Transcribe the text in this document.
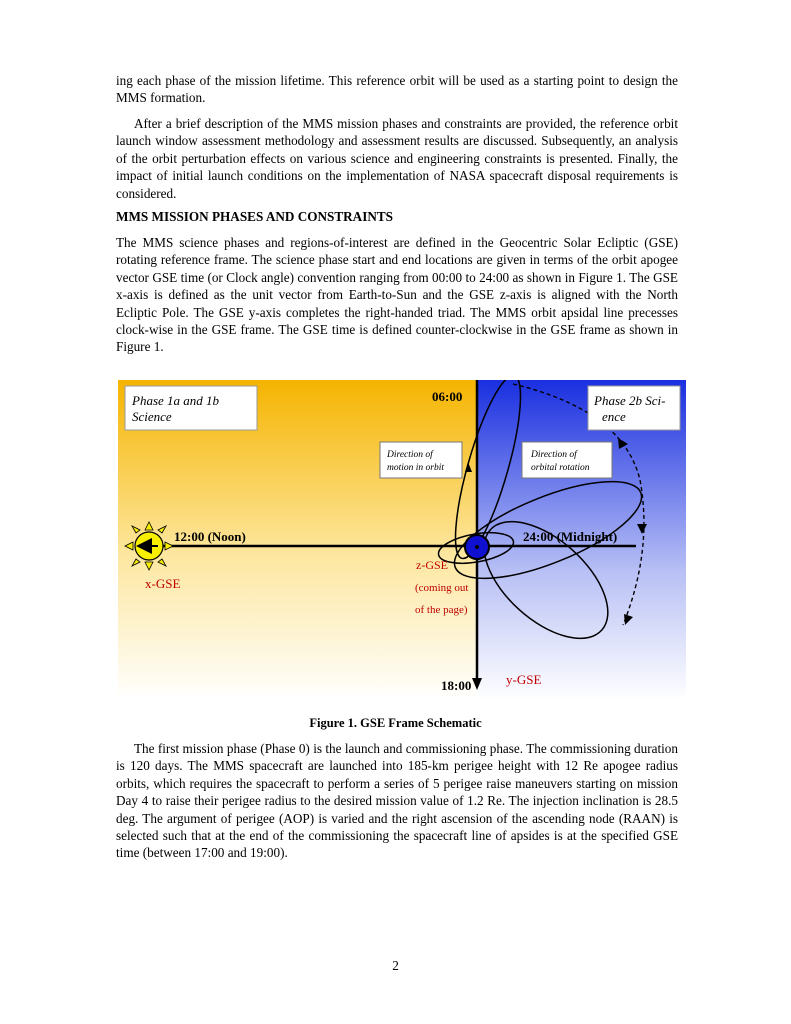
ing each phase of the mission lifetime. This reference orbit will be used as a starting point to design the MMS formation.

After a brief description of the MMS mission phases and constraints are provided, the reference orbit launch window assessment methodology and assessment results are discussed. Subsequently, an analysis of the orbit perturbation effects on various science and engineering constraints is presented. Finally, the impact of initial launch conditions on the implementation of NASA spacecraft disposal requirements is considered.

MMS MISSION PHASES AND CONSTRAINTS

The MMS science phases and regions-of-interest are defined in the Geocentric Solar Ecliptic (GSE) rotating reference frame. The science phase start and end locations are given in terms of the orbit apogee vector GSE time (or Clock angle) convention ranging from 00:00 to 24:00 as shown in Figure 1. The GSE x-axis is defined as the unit vector from Earth-to-Sun and the GSE z-axis is aligned with the North Ecliptic Pole. The GSE y-axis completes the right-handed triad. The MMS orbit apsidal line precesses clock-wise in the GSE frame. The GSE time is defined counter-clockwise in the GSE frame as shown in Figure 1.

Phase 1a and 1b
Science
Phase 2b Sci-
ence
Direction of
motion in orbit
Direction of
orbital rotation
06:00
12:00 (Noon)	24:00 (Midnight)
18:00
x-GSE
y-GSE
z-GSE
(coming out
of the page)

Figure 1. GSE Frame Schematic

The first mission phase (Phase 0) is the launch and commissioning phase. The commissioning duration is 120 days. The MMS spacecraft are launched into 185-km perigee height with 12 Re apogee radius orbits, which requires the spacecraft to perform a series of 5 perigee raise maneuvers starting on mission Day 4 to raise their perigee radius to the desired mission value of 1.2 Re. The injection inclination is 28.5 deg. The argument of perigee (AOP) is varied and the right ascension of the ascending node (RAAN) is selected such that at the end of the commissioning the spacecraft line of apsides is at the specified GSE time (between 17:00 and 19:00).

2
